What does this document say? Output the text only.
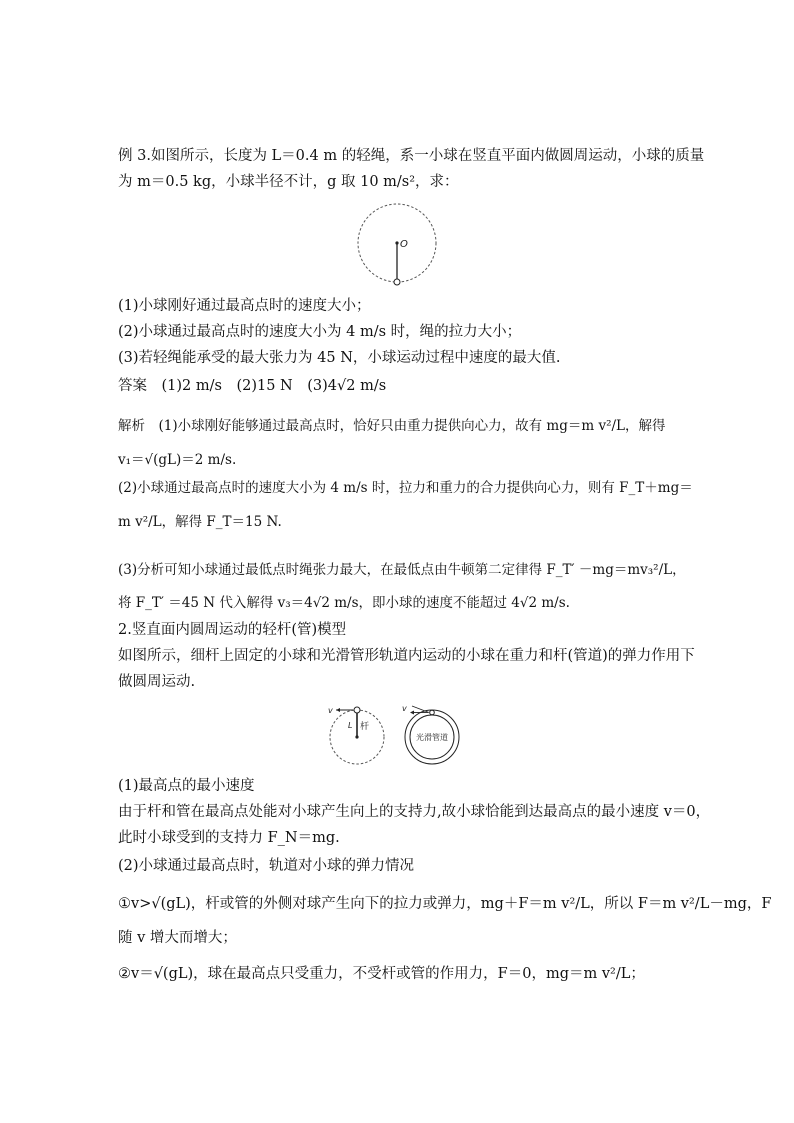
例 3.如图所示，长度为 L＝0.4 m 的轻绳，系一小球在竖直平面内做圆周运动，小球的质量
为 m＝0.5 kg，小球半径不计，g 取 10 m/s²，求：
O
(1)小球刚好通过最高点时的速度大小；
(2)小球通过最高点时的速度大小为 4 m/s 时，绳的拉力大小；
(3)若轻绳能承受的最大张力为 45 N，小球运动过程中速度的最大值.
答案　 (1)2 m/s　(2)15 N　(3)4√2 m/s
解析　 (1)小球刚好能够通过最高点时，恰好只由重力提供向心力，故有 mg＝m v²/L，解得
v₁＝√(gL)＝2 m/s.
(2)小球通过最高点时的速度大小为 4 m/s 时，拉力和重力的合力提供向心力，则有 F_T＋mg＝
m v²/L，解得 F_T＝15 N.
(3)分析可知小球通过最低点时绳张力最大，在最低点由牛顿第二定律得 F_T′ －mg＝mv₃²/L，
将 F_T′ ＝45 N 代入解得 v₃＝4√2 m/s，即小球的速度不能超过 4√2 m/s.
2.竖直面内圆周运动的轻杆(管)模型
如图所示，细杆上固定的小球和光滑管形轨道内运动的小球在重力和杆(管道)的弹力作用下
做圆周运动.
v
L 杆
v
光滑管道
(1)最高点的最小速度
由于杆和管在最高点处能对小球产生向上的支持力,故小球恰能到达最高点的最小速度 v＝0，
此时小球受到的支持力 F_N＝mg.
(2)小球通过最高点时，轨道对小球的弹力情况
①v>√(gL)，杆或管的外侧对球产生向下的拉力或弹力，mg＋F＝m v²/L，所以 F＝m v²/L－mg，F
随 v 增大而增大；
②v＝√(gL)，球在最高点只受重力，不受杆或管的作用力，F＝0，mg＝m v²/L；
